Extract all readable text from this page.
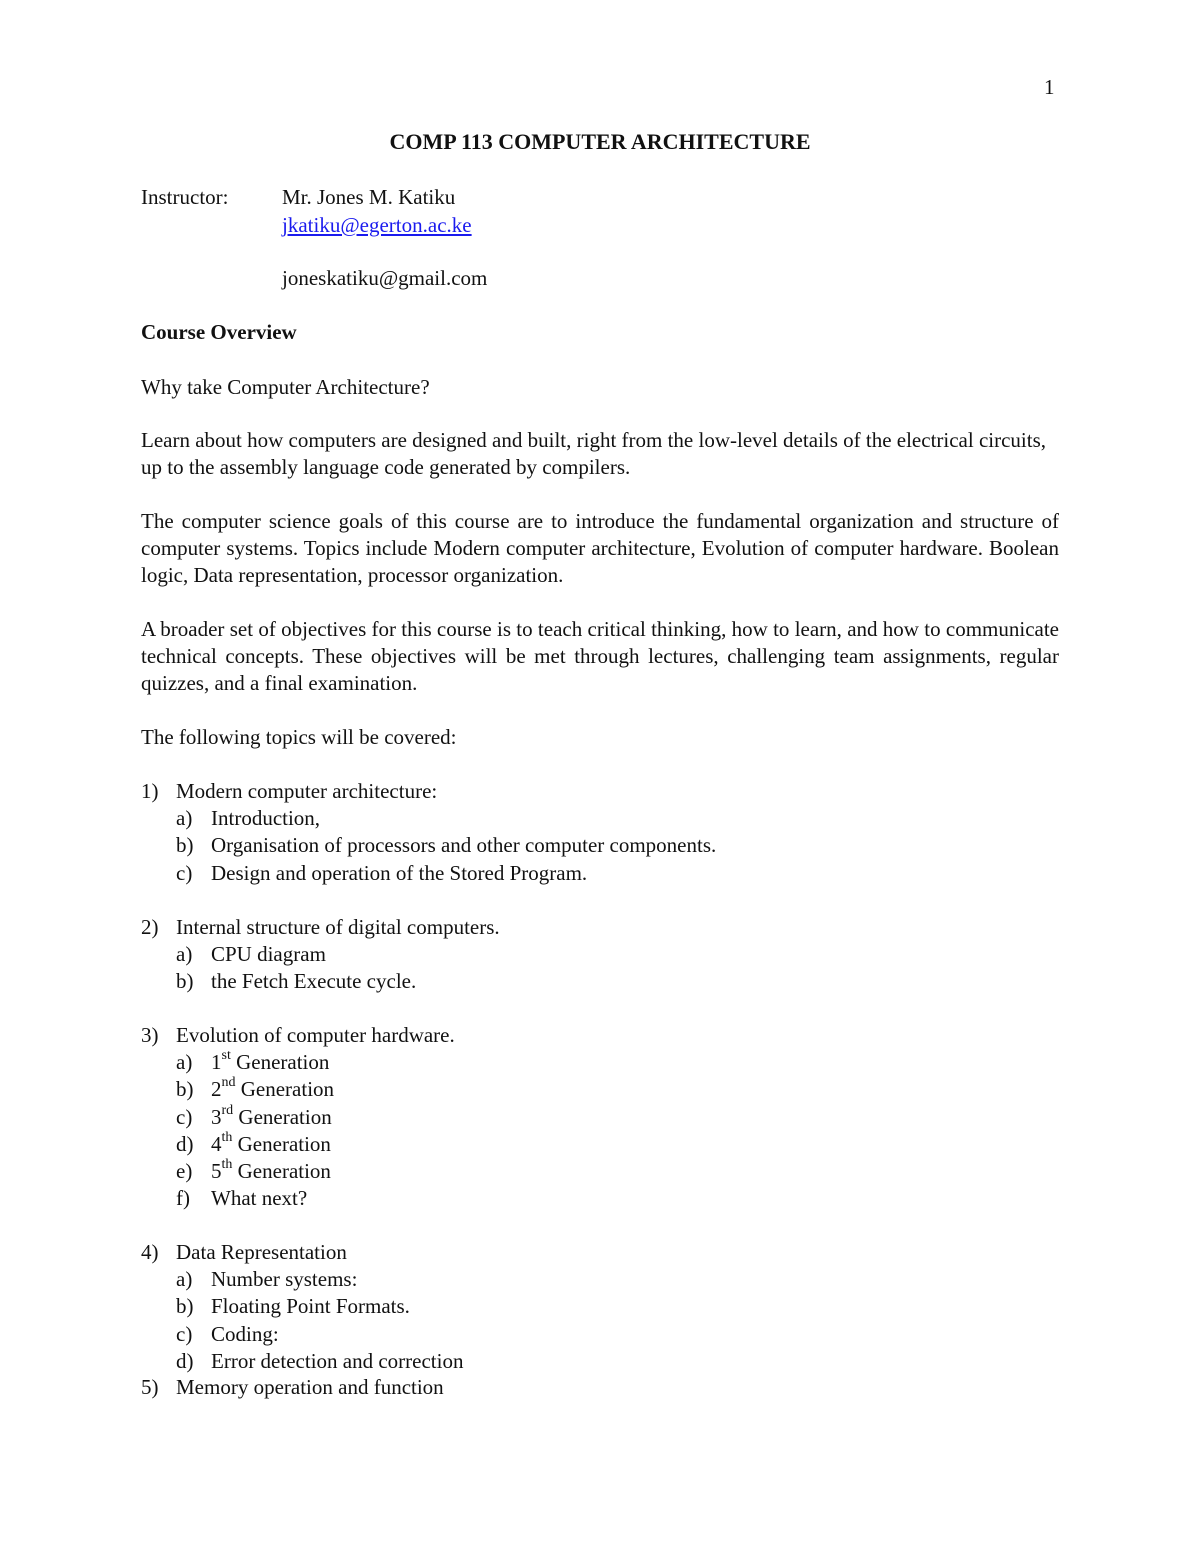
1
COMP 113 COMPUTER ARCHITECTURE
Instructor:	Mr. Jones M. Katiku
jkatiku@egerton.ac.ke
joneskatiku@gmail.com
Course Overview
Why take Computer Architecture?
Learn about how computers are designed and built, right from the low-level details of the electrical circuits, up to the assembly language code generated by compilers.
The computer science goals of this course are to introduce the fundamental organization and structure of computer systems. Topics include Modern computer architecture, Evolution of computer hardware. Boolean logic, Data representation, processor organization.
A broader set of objectives for this course is to teach critical thinking, how to learn, and how to communicate technical concepts. These objectives will be met through lectures, challenging team assignments, regular quizzes, and a final examination.
The following topics will be covered:
1) Modern computer architecture:
a) Introduction,
b) Organisation of processors and other computer components.
c) Design and operation of the Stored Program.
2) Internal structure of digital computers.
a) CPU diagram
b) the Fetch Execute cycle.
3) Evolution of computer hardware.
a) 1st Generation
b) 2nd Generation
c) 3rd Generation
d) 4th Generation
e) 5th Generation
f) What next?
4) Data Representation
a) Number systems:
b) Floating Point Formats.
c) Coding:
d) Error detection and correction
5) Memory operation and function
